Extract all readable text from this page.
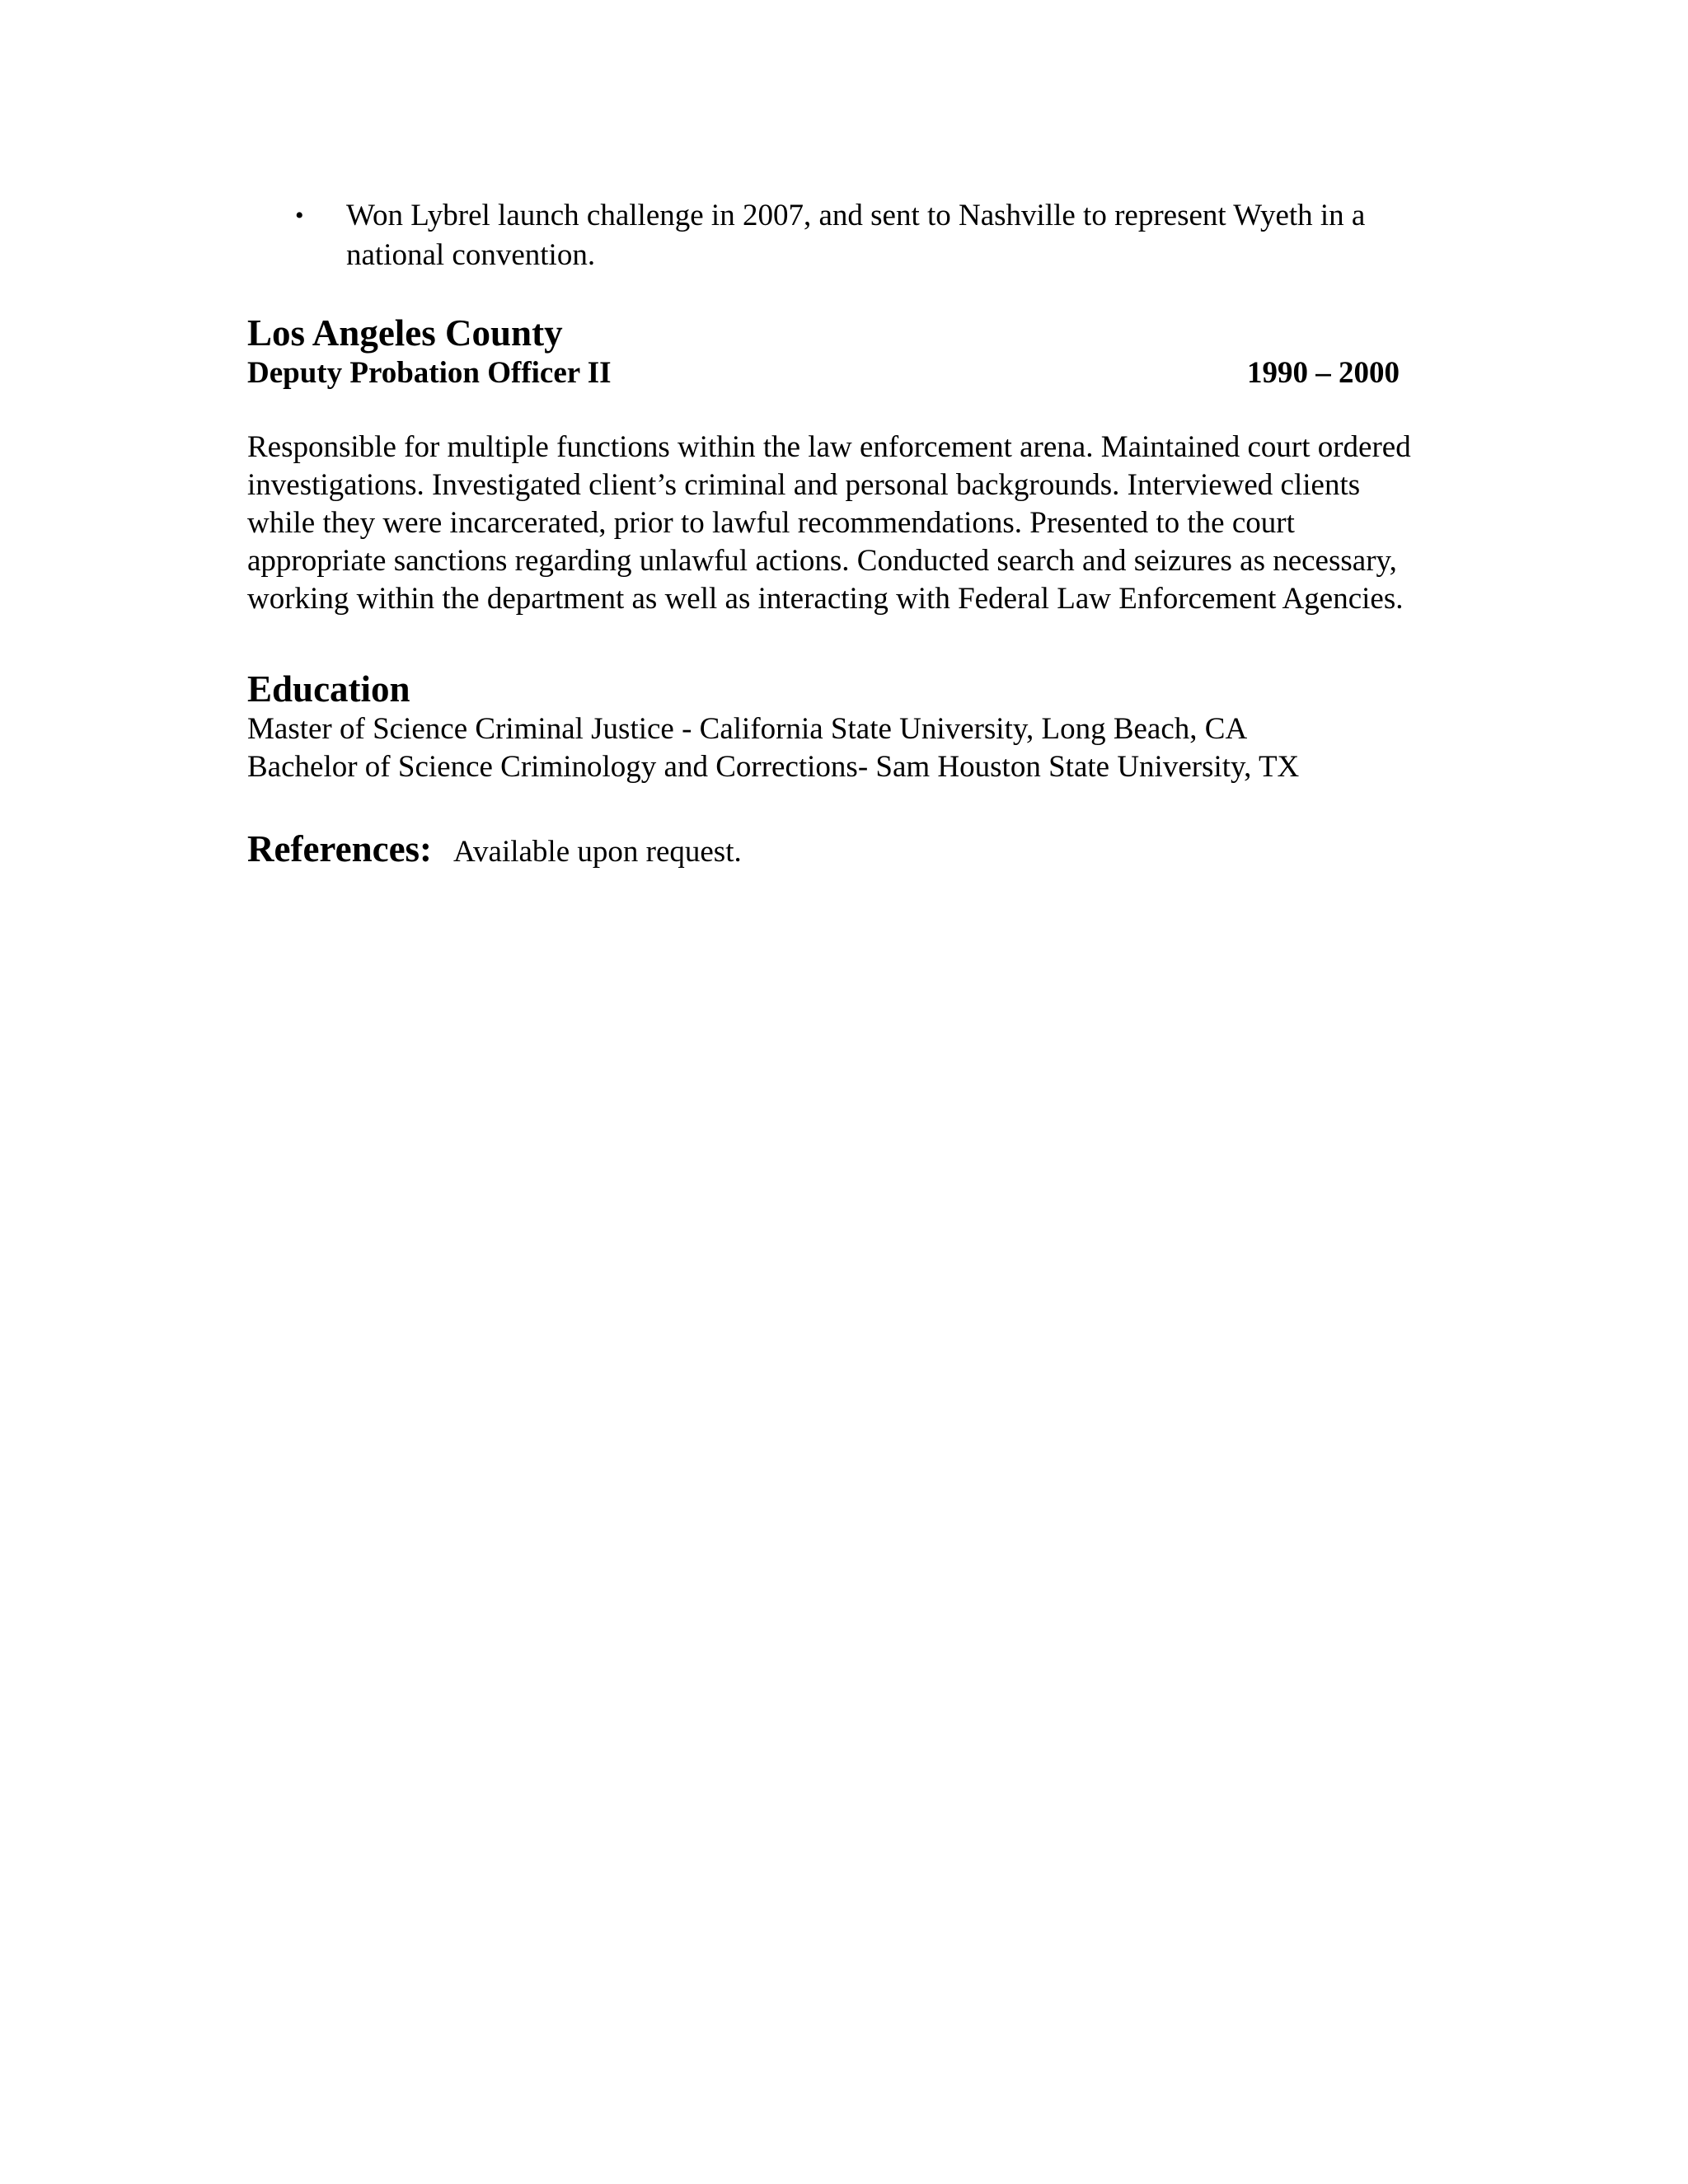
• Won Lybrel launch challenge in 2007, and sent to Nashville to represent Wyeth in a national convention.
Los Angeles County
Deputy Probation Officer II	1990 – 2000
Responsible for multiple functions within the law enforcement arena. Maintained court ordered investigations. Investigated client’s criminal and personal backgrounds. Interviewed clients while they were incarcerated, prior to lawful recommendations. Presented to the court appropriate sanctions regarding unlawful actions. Conducted search and seizures as necessary, working within the department as well as interacting with Federal Law Enforcement Agencies.
Education
Master of Science Criminal Justice - California State University, Long Beach, CA
Bachelor of Science Criminology and Corrections- Sam Houston State University, TX
References: Available upon request.
